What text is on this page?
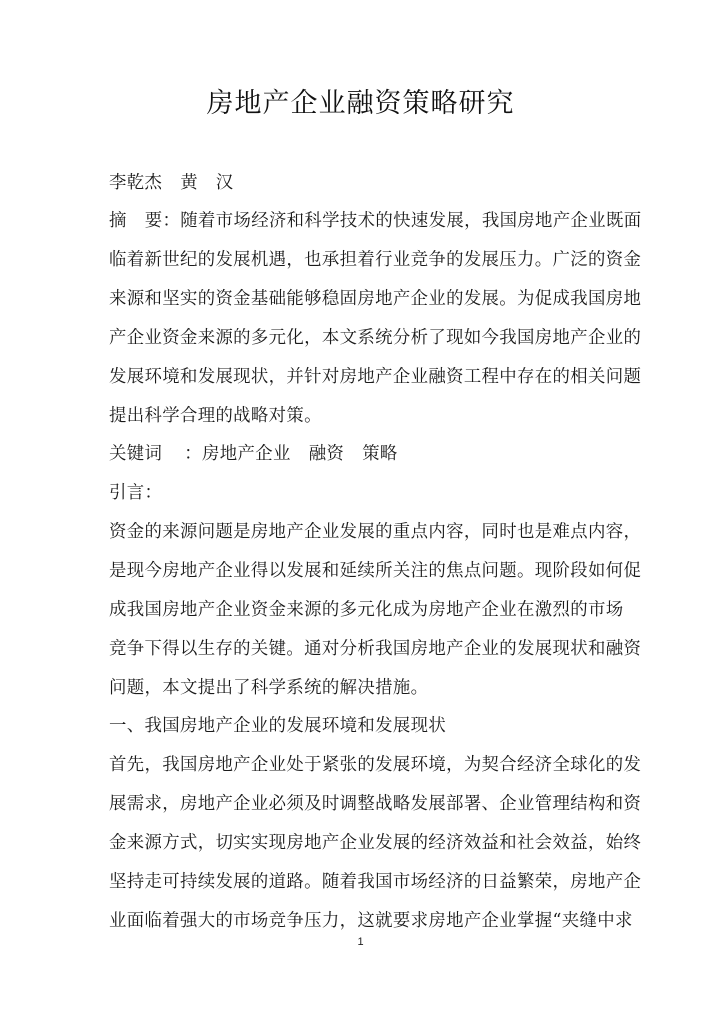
房地产企业融资策略研究
李乾杰 黄　汉
摘 要：随着市场经济和科学技术的快速发展，我国房地产企业既面
临着新世纪的发展机遇，也承担着行业竞争的发展压力。广泛的资金
来源和坚实的资金基础能够稳固房地产企业的发展。为促成我国房地
产企业资金来源的多元化，本文系统分析了现如今我国房地产企业的
发展环境和发展现状，并针对房地产企业融资工程中存在的相关问题
提出科学合理的战略对策。
关键词 ：房地产企业 融资 策略
引言：
资金的来源问题是房地产企业发展的重点内容，同时也是难点内容，
是现今房地产企业得以发展和延续所关注的焦点问题。现阶段如何促
成我国房地产企业资金来源的多元化成为房地产企业在激烈的市场
竞争下得以生存的关键。通对分析我国房地产企业的发展现状和融资
问题，本文提出了科学系统的解决措施。
一、我国房地产企业的发展环境和发展现状
首先，我国房地产企业处于紧张的发展环境，为契合经济全球化的发
展需求，房地产企业必须及时调整战略发展部署、企业管理结构和资
金来源方式，切实实现房地产企业发展的经济效益和社会效益，始终
坚持走可持续发展的道路。随着我国市场经济的日益繁荣，房地产企
业面临着强大的市场竞争压力，这就要求房地产企业掌握“夹缝中求
1
